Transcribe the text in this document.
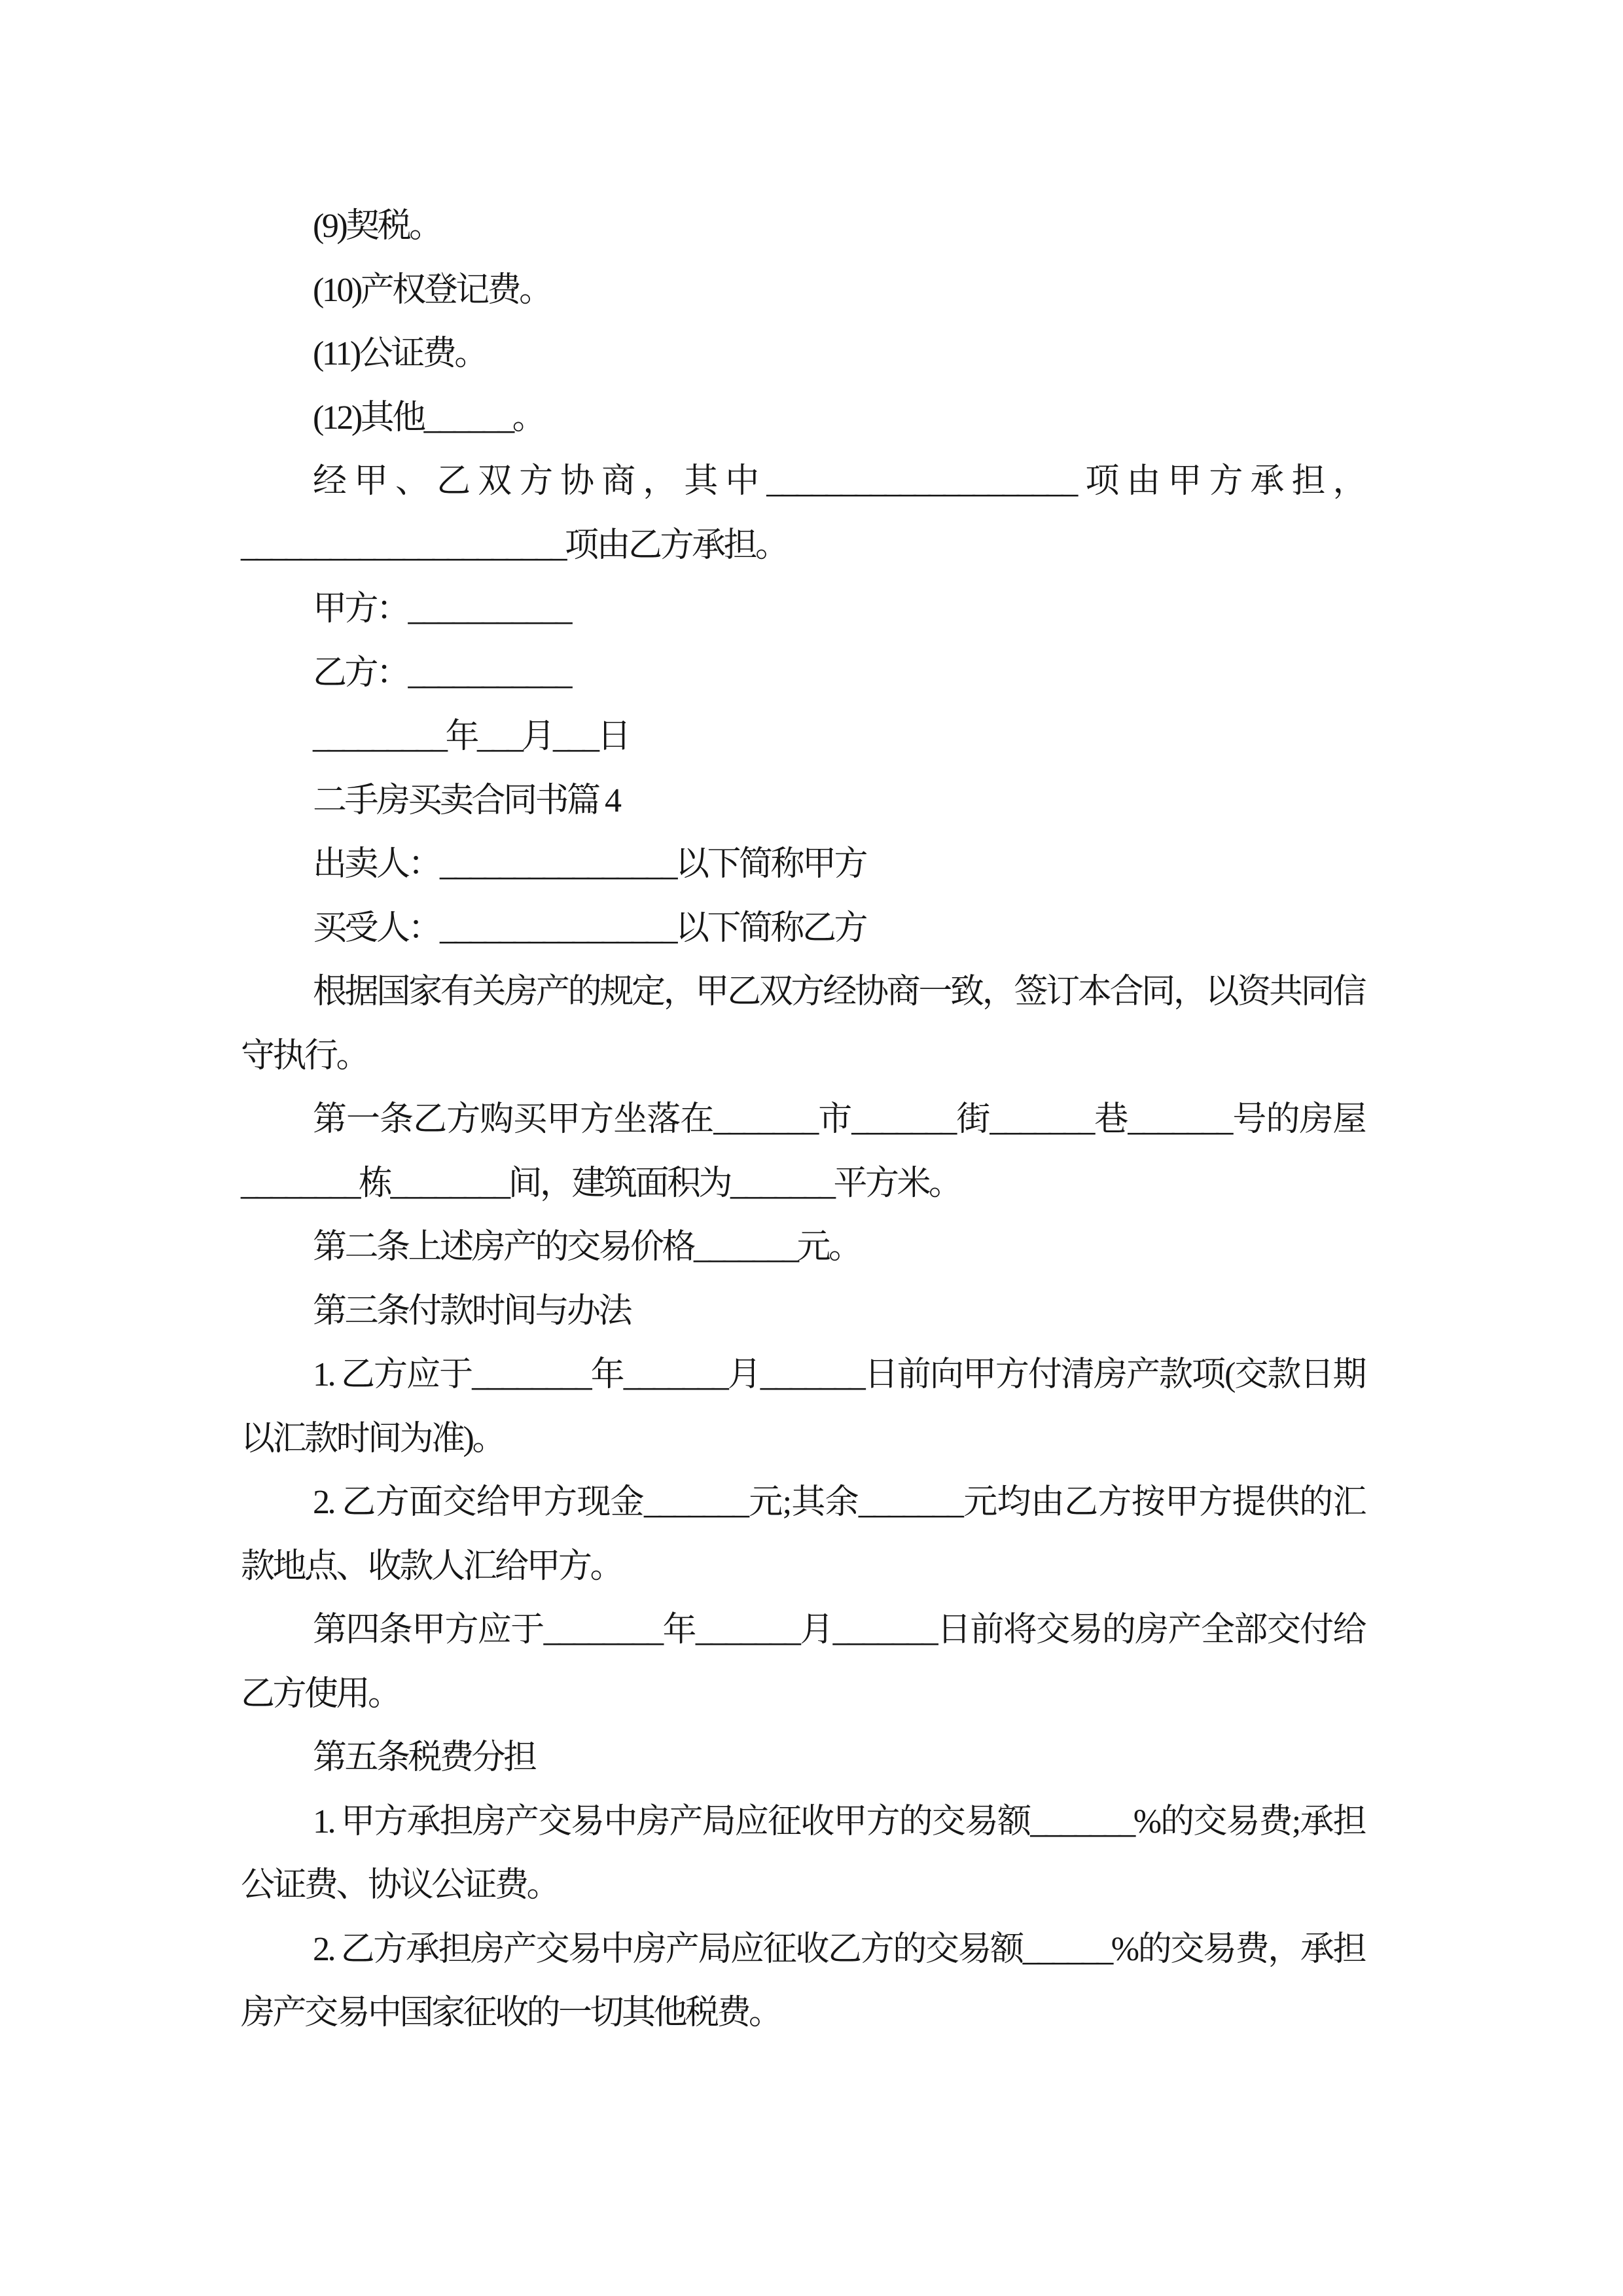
(9)契税。
(10)产权登记费。
(11)公证费。
(12)其他______。
经甲、乙双方协商，其中_____________________项由甲方承担，
______________________项由乙方承担。
甲方：___________
乙方：___________
_________年___月___日
二手房买卖合同书篇 4
出卖人：________________以下简称甲方
买受人：________________以下简称乙方
根据国家有关房产的规定，甲乙双方经协商一致，签订本合同，以资共同信
守执行。
第一条乙方购买甲方坐落在_______市_______街_______巷_______号的房屋
________栋________间，建筑面积为_______平方米。
第二条上述房产的交易价格_______元。
第三条付款时间与办法
1. 乙方应于________年_______月_______日前向甲方付清房产款项(交款日期
以汇款时间为准)。
2. 乙方面交给甲方现金_______元;其余_______元均由乙方按甲方提供的汇
款地点、收款人汇给甲方。
第四条甲方应于________年_______月_______日前将交易的房产全部交付给
乙方使用。
第五条税费分担
1. 甲方承担房产交易中房产局应征收甲方的交易额_______%的交易费;承担
公证费、协议公证费。
2. 乙方承担房产交易中房产局应征收乙方的交易额______%的交易费，承担
房产交易中国家征收的一切其他税费。
